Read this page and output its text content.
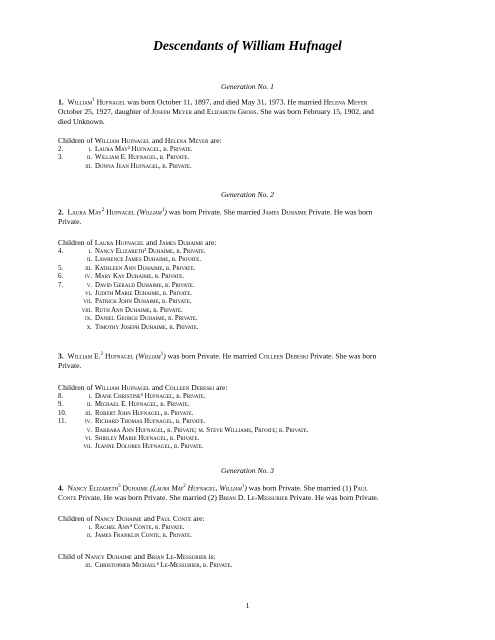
Descendants of William Hufnagel
Generation No. 1
1. William$^1$ Hufnagel was born October 11, 1897, and died May 31, 1973. He married Helena Meyer
October 25, 1927, daughter of Joseph Meyer and Elizabeth Grohs. She was born February 15, 1902, and
died Unknown.
Children of William Hufnagel and Helena Meyer are:
2.	i. Laura May² Hufnagel, b. Private.
3.	ii. William E. Hufnagel, b. Private.
iii. Donna Jean Hufnagel, b. Private.
Generation No. 2
2. Laura May$^2$ Hufnagel (William$^1$) was born Private. She married James Duhaime Private. He was born
Private.
Children of Laura Hufnagel and James Duhaime are:
4.	i. Nancy Elizabeth³ Duhaime, b. Private.
ii. Lawrence James Duhaime, b. Private.
5.	iii. Kathleen Ann Duhaime, b. Private.
6.	iv. Mary Kay Duhaime, b. Private.
7.	v. David Gerald Duhaime, b. Private.
vi. Judith Marie Duhaime, b. Private.
vii. Patrick John Duhaime, b. Private.
viii. Ruth Ann Duhaime, b. Private.
ix. Daniel George Duhaime, b. Private.
x. Timothy Joseph Duhaime, b. Private.
3. William E.$^2$ Hufnagel (William$^1$) was born Private. He married Colleen Debeski Private. She was born
Private.
Children of William Hufnagel and Colleen Debeski are:
8.	i. Diane Christine³ Hufnagel, b. Private.
9.	ii. Michael E. Hufnagel, b. Private.
10.	iii. Robert John Hufnagel, b. Private.
11.	iv. Richard Thomas Hufnagel, b. Private.
v. Barbara Ann Hufnagel, b. Private; m. Steve Williams, Private; b. Private.
vi. Shirley Marie Hufnagel, b. Private.
vii. Jeanne Dolores Hufnagel, b. Private.
Generation No. 3
4. Nancy Elizabeth$^3$ Duhaime (Laura May$^2$ Hufnagel, William$^1$) was born Private. She married (1) Paul
Conte Private. He was born Private. She married (2) Brian D. Le-Messurier Private. He was born Private.
Children of Nancy Duhaime and Paul Conte are:
i. Rachel Ann⁴ Conte, b. Private.
ii. James Franklin Conte, b. Private.
Child of Nancy Duhaime and Brian Le-Messurier is:
iii. Christopher Michael⁴ Le-Messurier, b. Private.
1
